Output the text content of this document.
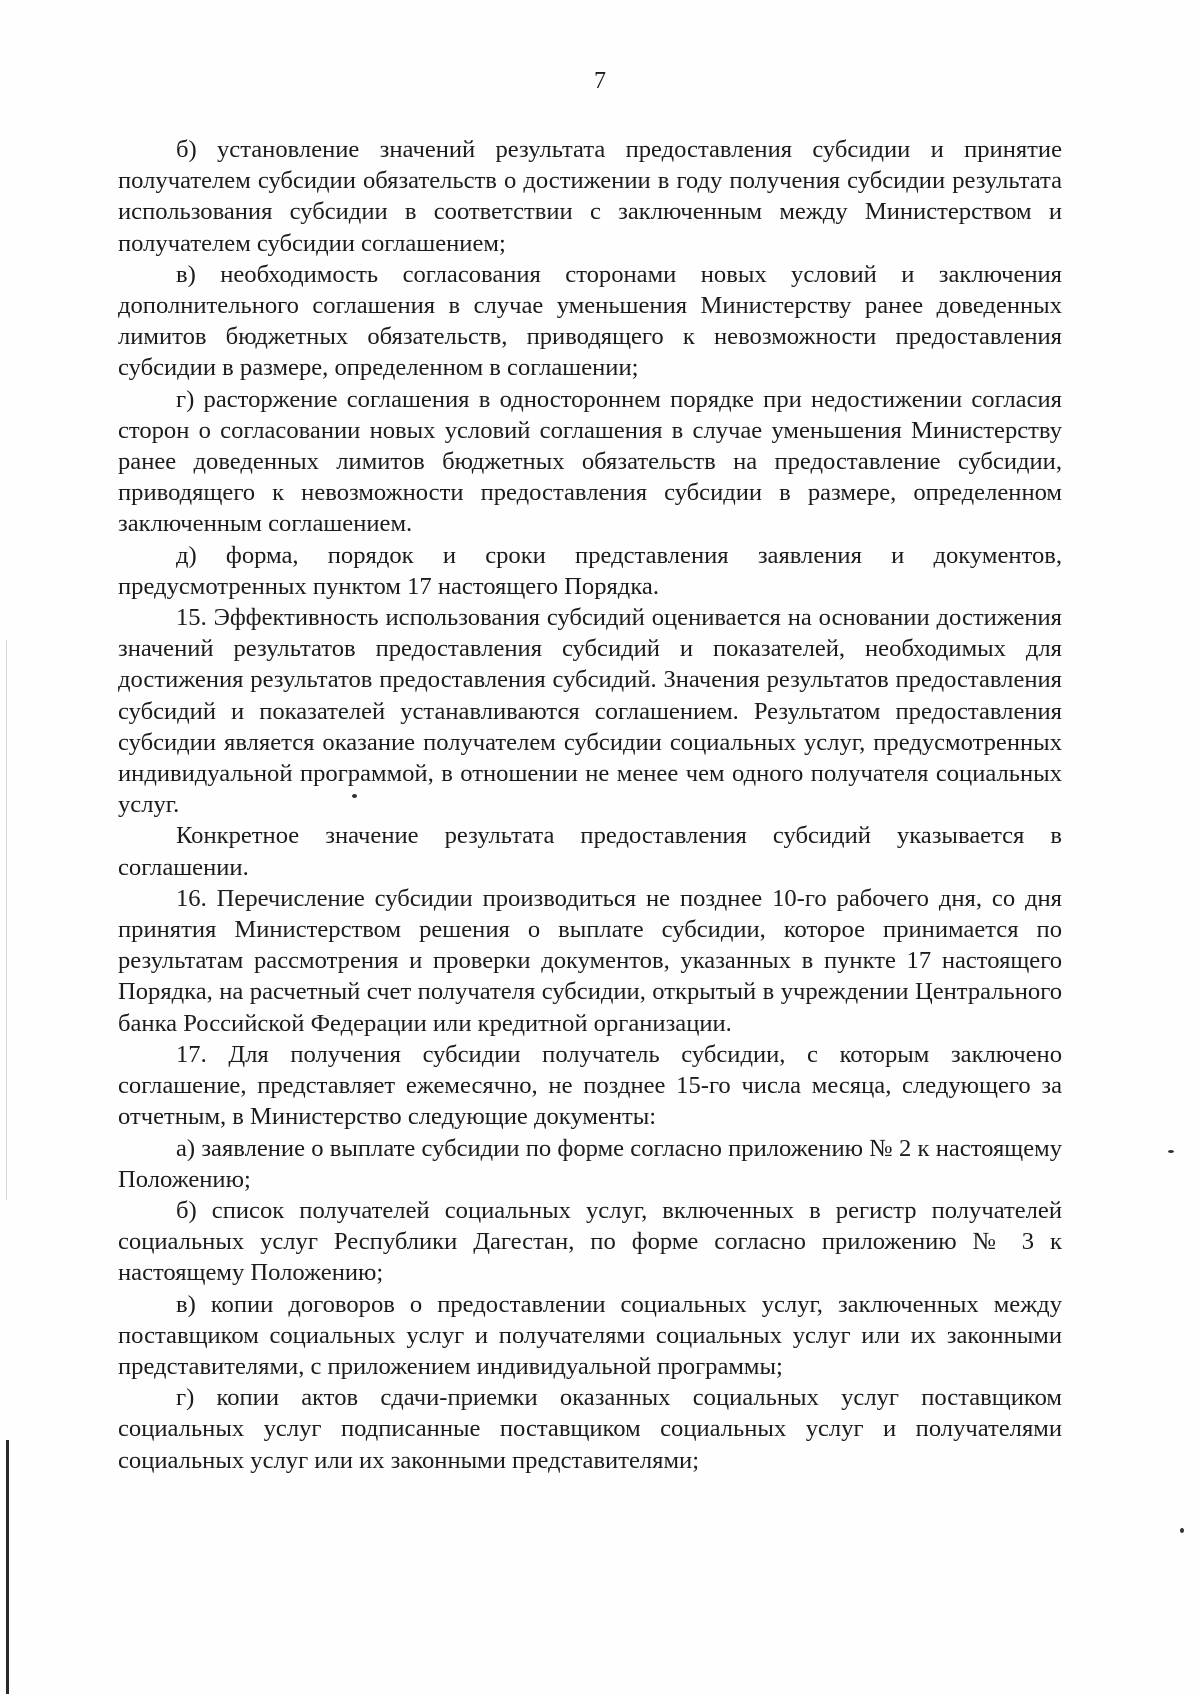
7

б) установление значений результата предоставления субсидии и принятие получателем субсидии обязательств о достижении в году получения субсидии результата использования субсидии в соответствии с заключенным между Министерством и получателем субсидии соглашением;

в) необходимость согласования сторонами новых условий и заключения дополнительного соглашения в случае уменьшения Министерству ранее доведенных лимитов бюджетных обязательств, приводящего к невозможности предоставления субсидии в размере, определенном в соглашении;

г) расторжение соглашения в одностороннем порядке при недостижении согласия сторон о согласовании новых условий соглашения в случае уменьшения Министерству ранее доведенных лимитов бюджетных обязательств на предоставление субсидии, приводящего к невозможности предоставления субсидии в размере, определенном заключенным соглашением.

д) форма, порядок и сроки представления заявления и документов, предусмотренных пунктом 17 настоящего Порядка.

15. Эффективность использования субсидий оценивается на основании достижения значений результатов предоставления субсидий и показателей, необходимых для достижения результатов предоставления субсидий. Значения результатов предоставления субсидий и показателей устанавливаются соглашением. Результатом предоставления субсидии является оказание получателем субсидии социальных услуг, предусмотренных индивидуальной программой, в отношении не менее чем одного получателя социальных услуг.

Конкретное значение результата предоставления субсидий указывается в соглашении.

16. Перечисление субсидии производиться не позднее 10-го рабочего дня, со дня принятия Министерством решения о выплате субсидии, которое принимается по результатам рассмотрения и проверки документов, указанных в пункте 17 настоящего Порядка, на расчетный счет получателя субсидии, открытый в учреждении Центрального банка Российской Федерации или кредитной организации.

17. Для получения субсидии получатель субсидии, с которым заключено соглашение, представляет ежемесячно, не позднее 15-го числа месяца, следующего за отчетным, в Министерство следующие документы:

а) заявление о выплате субсидии по форме согласно приложению № 2 к настоящему Положению;

б) список получателей социальных услуг, включенных в регистр получателей социальных услуг Республики Дагестан, по форме согласно приложению № 3 к настоящему Положению;

в) копии договоров о предоставлении социальных услуг, заключенных между поставщиком социальных услуг и получателями социальных услуг или их законными представителями, с приложением индивидуальной программы;

г) копии актов сдачи-приемки оказанных социальных услуг поставщиком социальных услуг подписанные поставщиком социальных услуг и получателями социальных услуг или их законными представителями;
